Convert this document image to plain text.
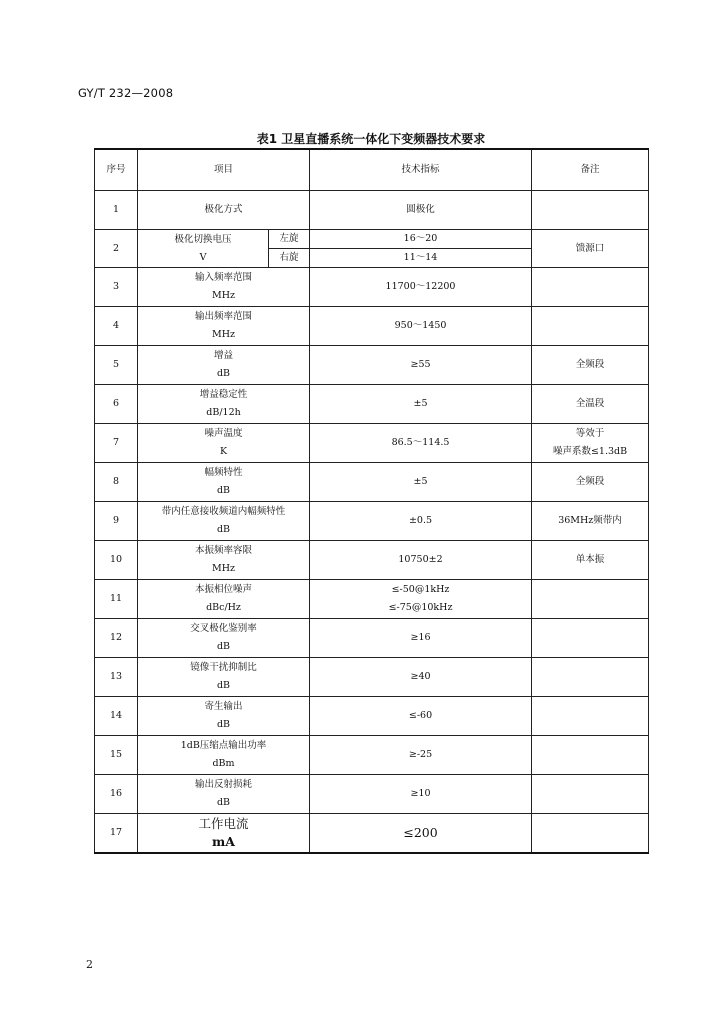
GY/T 232—2008
表1 卫星直播系统一体化下变频器技术要求
序号	项目		技术指标	备注
1	极化方式		圆极化	
2	极化切换电压
V	左旋	16～20	馈源口
		右旋	11～14	
3	输入频率范围
MHz		11700～12200	

4	输出频率范围
MHz		950～1450	

5	增益
dB		≥55	全频段

6	增益稳定性
dB/12h		±5	全温段

7	噪声温度
K		86.5～114.5	等效于
噪声系数≤1.3dB

8	幅频特性
dB		±5	全频段

9	带内任意接收频道内幅频特性
dB		±0.5	36MHz频带内

10	本振频率容限
MHz		10750±2	单本振

11	本振相位噪声
dBc/Hz		≤-50@1kHz
≤-75@10kHz	

12	交叉极化鉴别率
dB		≥16	

13	镜像干扰抑制比
dB		≥40	

14	寄生输出
dB		≤-60	

15	1dB压缩点输出功率
dBm		≥-25	

16	输出反射损耗
dB		≥10	

17	工作电流
mA		≤200	

2
